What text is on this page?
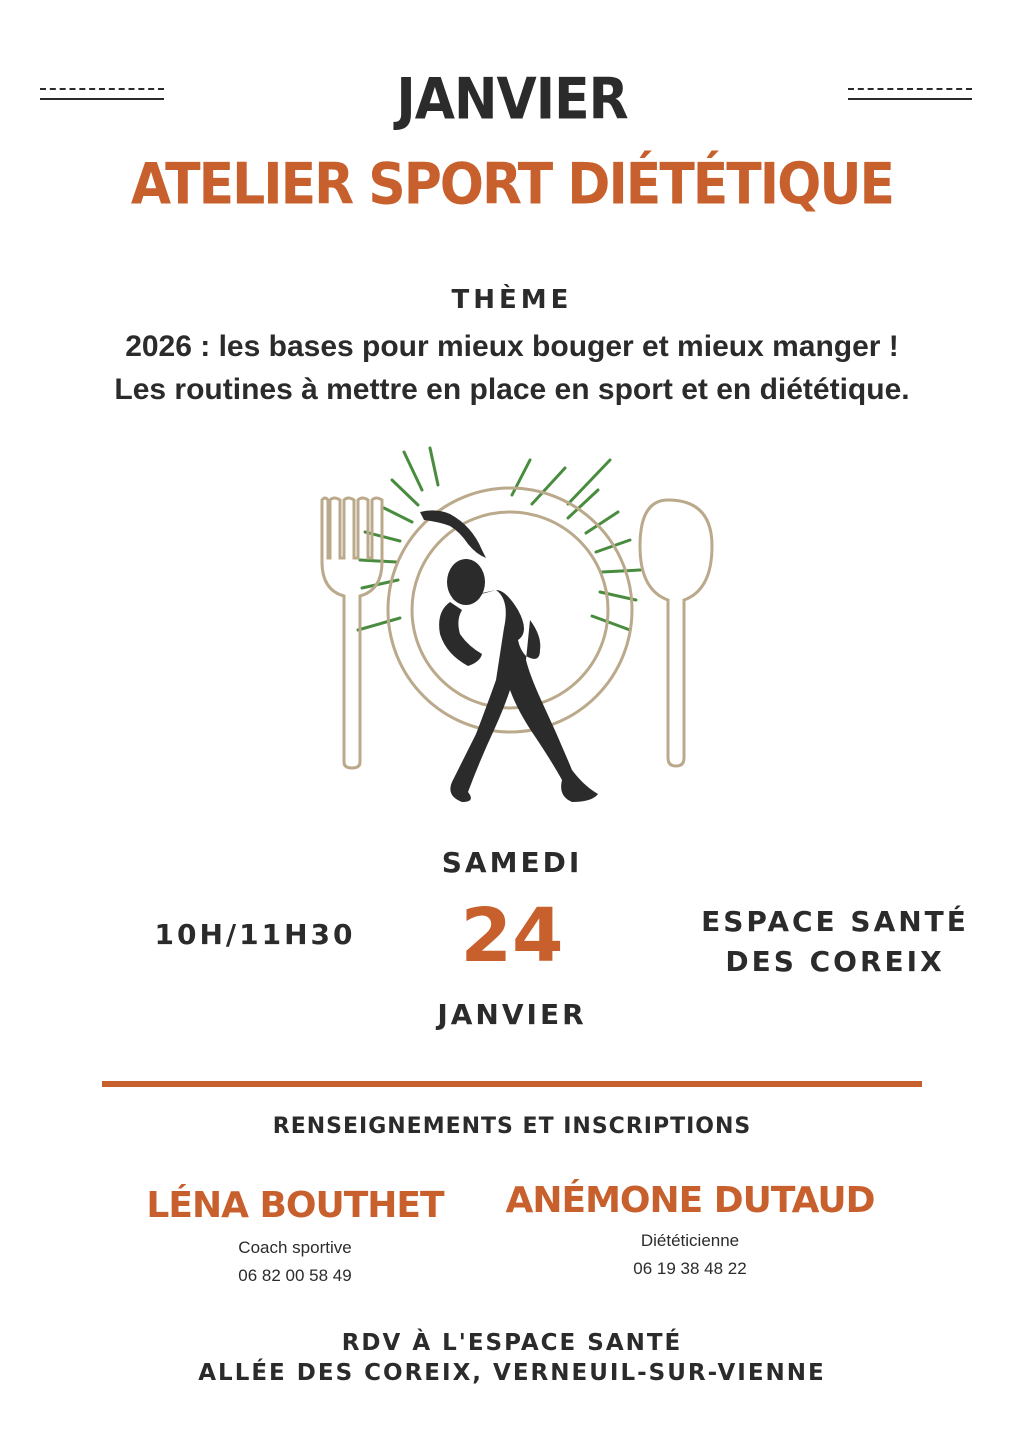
JANVIER
ATELIER SPORT DIÉTÉTIQUE
THÈME
2026 : les bases pour mieux bouger et mieux manger !
Les routines à mettre en place en sport et en diététique.
SAMEDI
24
JANVIER
10H/11H30	ESPACE SANTÉ
DES COREIX
RENSEIGNEMENTS ET INSCRIPTIONS
LÉNA BOUTHET
Coach sportive
06 82 00 58 49
ANÉMONE DUTAUD
Diététicienne
06 19 38 48 22
RDV À L'ESPACE SANTÉ
ALLÉE DES COREIX, VERNEUIL-SUR-VIENNE
